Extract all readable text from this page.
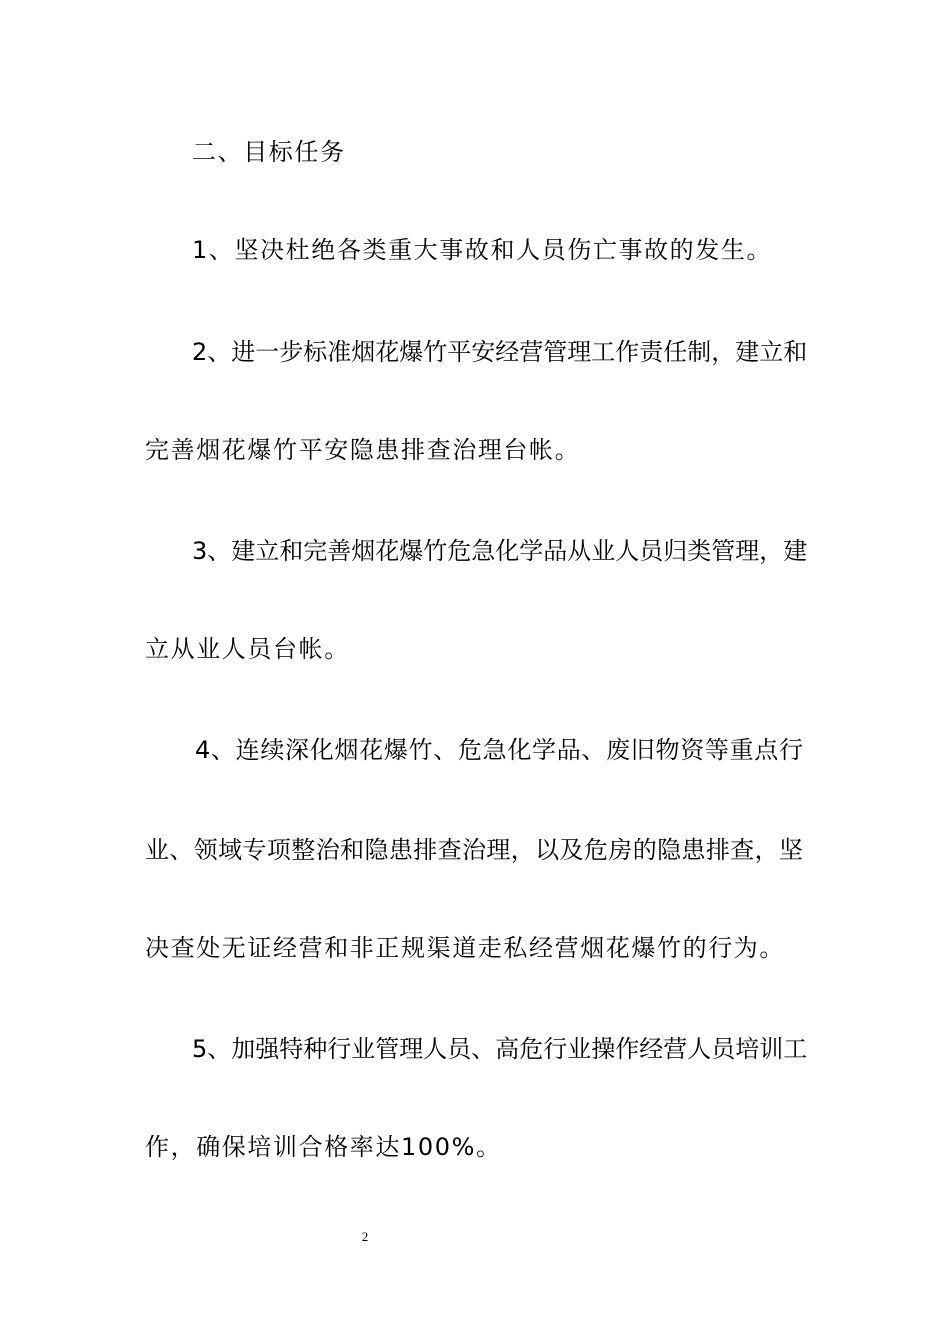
二、目标任务
1、坚决杜绝各类重大事故和人员伤亡事故的发生。
2、进一步标准烟花爆竹平安经营管理工作责任制，建立和
完善烟花爆竹平安隐患排查治理台帐。
3、建立和完善烟花爆竹危急化学品从业人员归类管理，建
立从业人员台帐。
4、连续深化烟花爆竹、危急化学品、废旧物资等重点行
业、领域专项整治和隐患排查治理，以及危房的隐患排查，坚
决查处无证经营和非正规渠道走私经营烟花爆竹的行为。
5、加强特种行业管理人员、高危行业操作经营人员培训工
作，确保培训合格率达100%。
2
